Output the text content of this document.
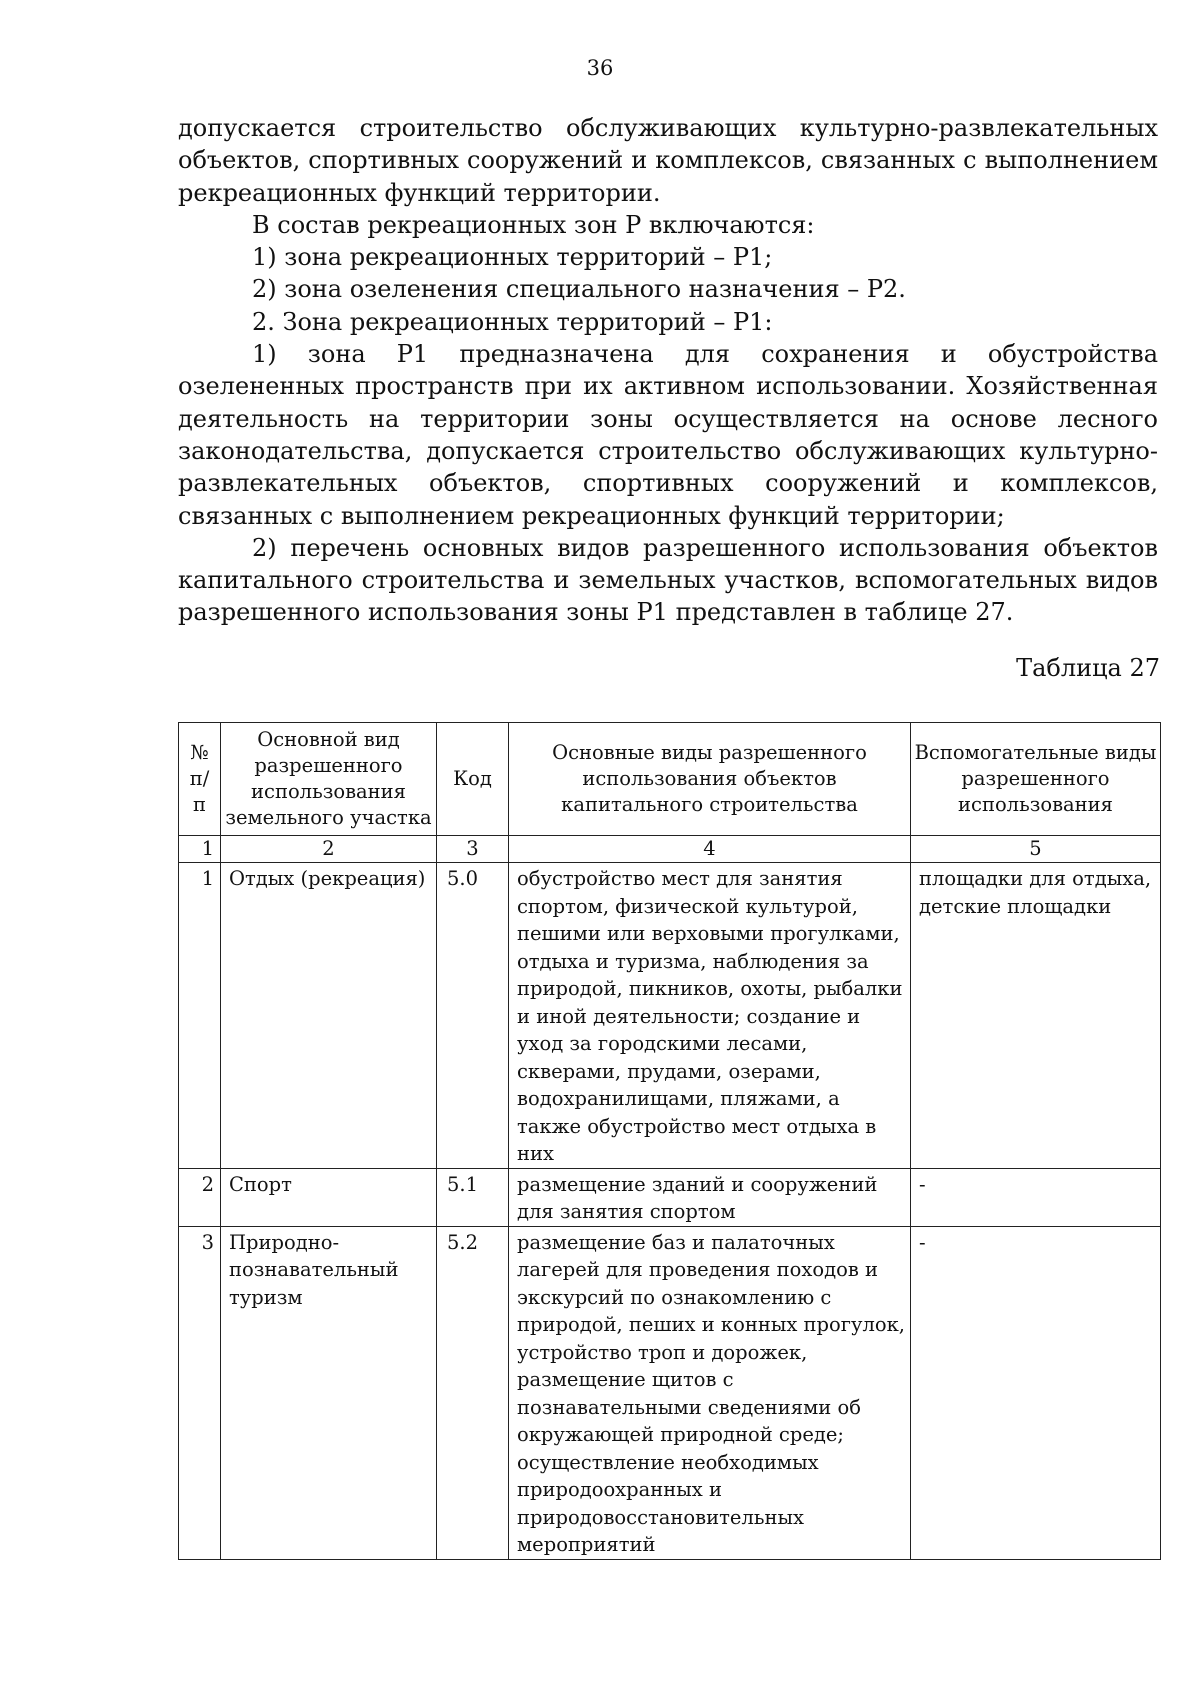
36

допускается строительство обслуживающих культурно-развлекательных объектов, спортивных сооружений и комплексов, связанных с выполнением рекреационных функций территории.

В состав рекреационных зон Р включаются:

1) зона рекреационных территорий – Р1;

2) зона озеленения специального назначения – Р2.

2. Зона рекреационных территорий – Р1:

1) зона Р1 предназначена для сохранения и обустройства озелененных пространств при их активном использовании. Хозяйственная деятельность на территории зоны осуществляется на основе лесного законодательства, допускается строительство обслуживающих культурно-развлекательных объектов, спортивных сооружений и комплексов, связанных с выполнением рекреационных функций территории;

2) перечень основных видов разрешенного использования объектов капитального строительства и земельных участков, вспомогательных видов разрешенного использования зоны Р1 представлен в таблице 27.

Таблица 27
№ п/ п	Основной вид разрешенного использования земельного участка	Код	Основные виды разрешенного использования объектов капитального строительства	Вспомогательные виды разрешенного использования
1	2	3	4	5
1	Отдых (рекреация)	5.0	обустройство мест для занятия спортом, физической культурой, пешими или верховыми прогулками, отдыха и туризма, наблюдения за природой, пикников, охоты, рыбалки и иной деятельности; создание и уход за городскими лесами, скверами, прудами, озерами, водохранилищами, пляжами, а также обустройство мест отдыха в них	площадки для отдыха, детские площадки
2	Спорт	5.1	размещение зданий и сооружений для занятия спортом	-
3	Природно-познавательный туризм	5.2	размещение баз и палаточных лагерей для проведения походов и экскурсий по ознакомлению с природой, пеших и конных прогулок, устройство троп и дорожек, размещение щитов с познавательными сведениями об окружающей природной среде; осуществление необходимых природоохранных и природовосстановительных мероприятий	-
